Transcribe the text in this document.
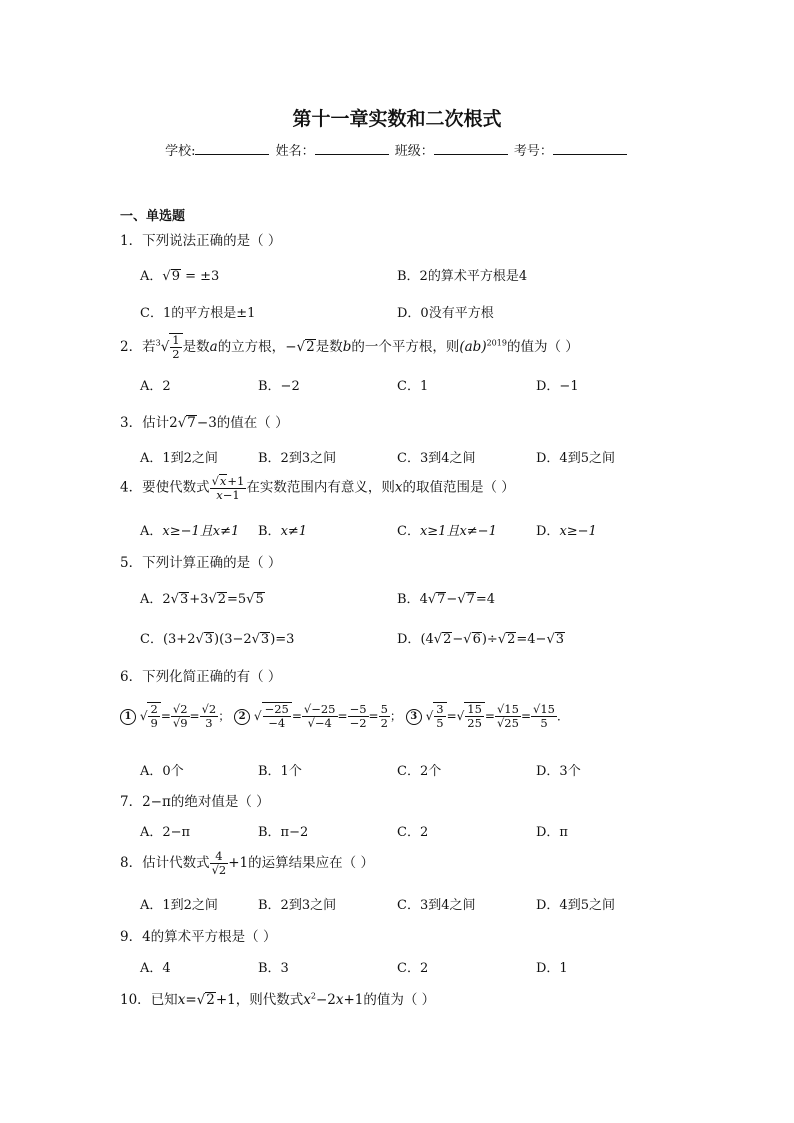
第十一章实数和二次根式
学校:	姓名：	班级：	考号：
一、单选题
1．下列说法正确的是（ ）
A．√9 = ±3	B．2的算术平方根是4
C．1的平方根是±1	D．0没有平方根
2．若$^3√ \frac{1}{2}$ 是数a的立方根，−√2是数b的一个平方根，则(ab)$^{2019}$的值为（ ）
A．2	B．−2	C．1	D．−1
3．估计2√7−3的值在（ ）
A．1到2之间	B．2到3之间	C．3到4之间	D．4到5之间
4．要使代数式 $\frac{√x+1}{x-1}$ 在实数范围内有意义，则x的取值范围是（ ）
A．x≥−1且x≠1 B．x≠1	C．x≥1且x≠−1	D．x≥−1
5．下列计算正确的是（ ）
A．2√3+3√2=5√5	B．4√7−√7=4
C．(3+2√3)(3−2√3)=3	D．(4√2−√6)÷√2=4−√3
6．下列化简正确的有（ ）
1 √ $\frac{2}{9} = \frac{√2}{√9} = \frac{√2}{3}$ ； 2 √ $\frac{-25}{-4} = \frac{√-25}{√-4} = \frac{-5}{-2} = \frac{5}{2}$ ； 3 √ $\frac{3}{5}$ =√ $\frac{15}{25} = \frac{√15}{√25} = \frac{√15}{5}$ ．
A．0个	B．1个	C．2个	D．3个
7．2−π的绝对值是（ ）
A．2−π	B．π−2	C．2	D．π
8．估计代数式 $\frac{4}{√2} +1$的运算结果应在（ ）
A．1到2之间	B．2到3之间	C．3到4之间	D．4到5之间
9．4的算术平方根是（ ）
A．4	B．3	C．2	D．1
10．已知x=√2+1，则代数式$x^2-2x+1$的值为（ ）
